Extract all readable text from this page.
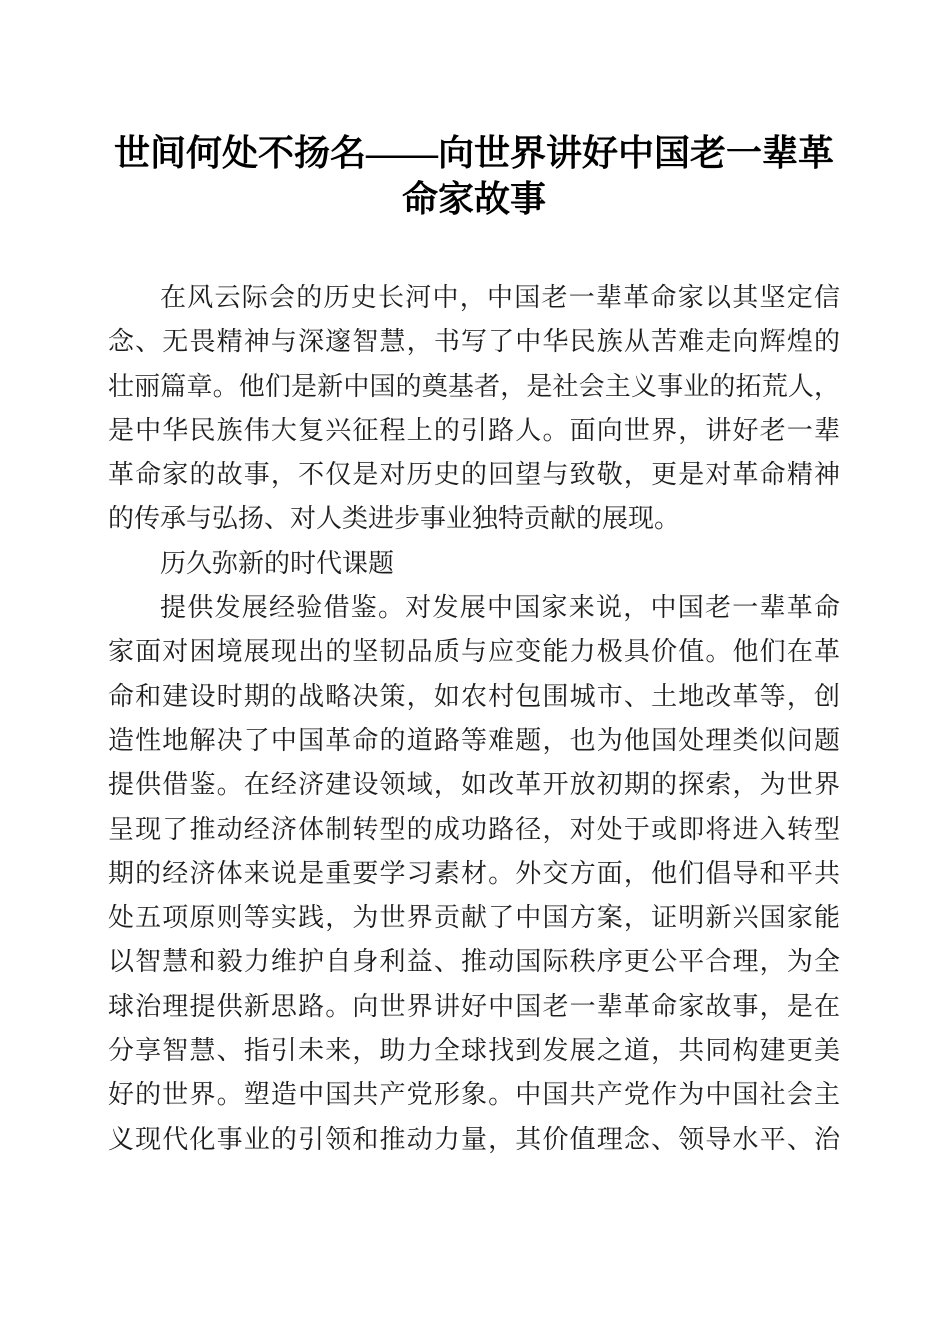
世间何处不扬名——向世界讲好中国老一辈革命家故事
在风云际会的历史长河中，中国老一辈革命家以其坚定信
念、无畏精神与深邃智慧，书写了中华民族从苦难走向辉煌的
壮丽篇章。他们是新中国的奠基者，是社会主义事业的拓荒人，
是中华民族伟大复兴征程上的引路人。面向世界，讲好老一辈
革命家的故事，不仅是对历史的回望与致敬，更是对革命精神
的传承与弘扬、对人类进步事业独特贡献的展现。
历久弥新的时代课题
提供发展经验借鉴。对发展中国家来说，中国老一辈革命
家面对困境展现出的坚韧品质与应变能力极具价值。他们在革
命和建设时期的战略决策，如农村包围城市、土地改革等，创
造性地解决了中国革命的道路等难题，也为他国处理类似问题
提供借鉴。在经济建设领域，如改革开放初期的探索，为世界
呈现了推动经济体制转型的成功路径，对处于或即将进入转型
期的经济体来说是重要学习素材。外交方面，他们倡导和平共
处五项原则等实践，为世界贡献了中国方案，证明新兴国家能
以智慧和毅力维护自身利益、推动国际秩序更公平合理，为全
球治理提供新思路。向世界讲好中国老一辈革命家故事，是在
分享智慧、指引未来，助力全球找到发展之道，共同构建更美
好的世界。塑造中国共产党形象。中国共产党作为中国社会主
义现代化事业的引领和推动力量，其价值理念、领导水平、治
